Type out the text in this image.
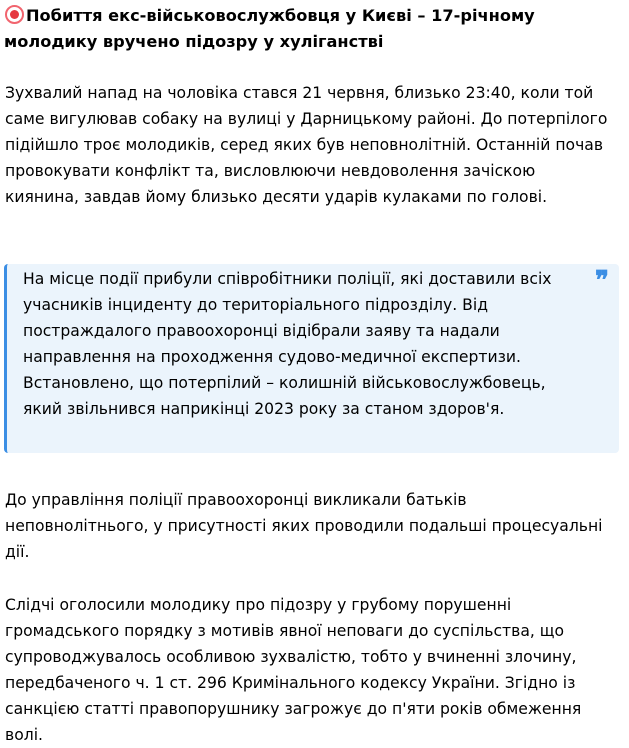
Побиття екс-військовослужбовця у Києві – 17-річному молодику вручено підозру у хуліганстві

Зухвалий напад на чоловіка стався 21 червня, близько 23:40, коли той саме вигулював собаку на вулиці у Дарницькому районі. До потерпілого підійшло троє молодиків, серед яких був неповнолітній. Останній почав провокувати конфлікт та, висловлюючи невдоволення зачіскою киянина, завдав йому близько десяти ударів кулаками по голові.

На місце події прибули співробітники поліції, які доставили всіх учасників інциденту до територіального підрозділу. Від постраждалого правоохоронці відібрали заяву та надали направлення на проходження судово-медичної експертизи. Встановлено, що потерпілий – колишній військовослужбовець, який звільнився наприкінці 2023 року за станом здоров'я.

❞

До управління поліції правоохоронці викликали батьків неповнолітнього, у присутності яких проводили подальші процесуальні дії.

Слідчі оголосили молодику про підозру у грубому порушенні громадського порядку з мотивів явної неповаги до суспільства, що супроводжувалось особливою зухвалістю, тобто у вчиненні злочину, передбаченого ч. 1 ст. 296 Кримінального кодексу України. Згідно із санкцією статті правопорушнику загрожує до п'яти років обмеження волі.
